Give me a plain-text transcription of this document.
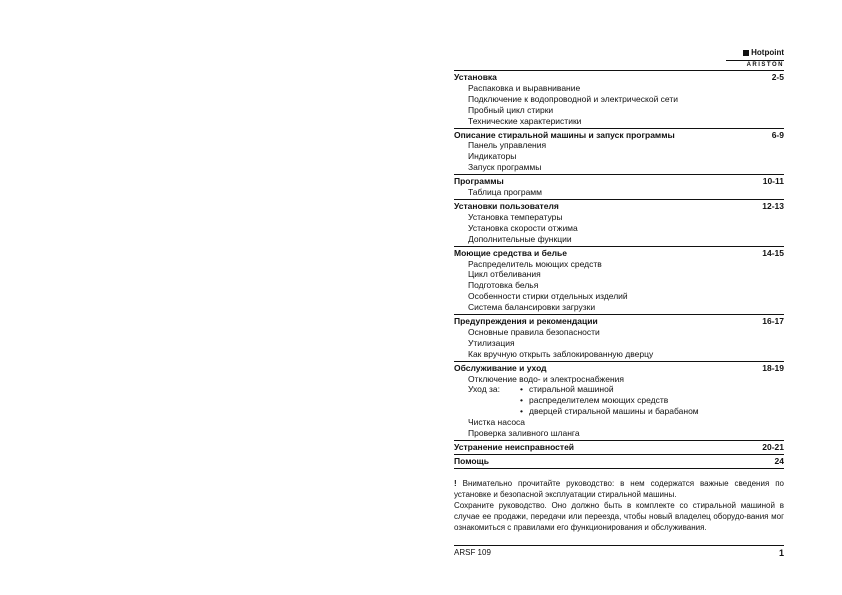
Hotpoint
ARISTON
Установка	2-5
Распаковка и выравнивание
Подключение к водопроводной и электрической сети
Пробный цикл стирки
Технические характеристики
Описание стиральной машины и запуск программы	6-9
Панель управления
Индикаторы
Запуск программы
Программы	10-11
Таблица программ
Установки пользователя	12-13
Установка температуры
Установка скорости отжима
Дополнительные функции
Моющие средства и белье	14-15
Распределитель моющих средств
Цикл отбеливания
Подготовка белья
Особенности стирки отдельных изделий
Система балансировки загрузки
Предупреждения и рекомендации	16-17
Основные правила безопасности
Утилизация
Как вручную открыть заблокированную дверцу
Обслуживание и уход	18-19
Отключение водо- и электроснабжения
Уход за:
•	стиральной машиной
• распределителем моющих средств
• дверцей стиральной машины и барабаном
Чистка насоса
Проверка заливного шланга
Устранение неисправностей	20-21
Помощь	24

! Внимательно прочитайте руководство: в нем содержатся важные сведения по установке и безопасной эксплуатации стиральной машины.

Сохраните руководство. Оно должно быть в комплекте со стиральной машиной в случае ее продажи, передачи или переезда, чтобы новый владелец оборудо-вания мог ознакомиться с правилами его функционирования и обслуживания.

ARSF 109	1
